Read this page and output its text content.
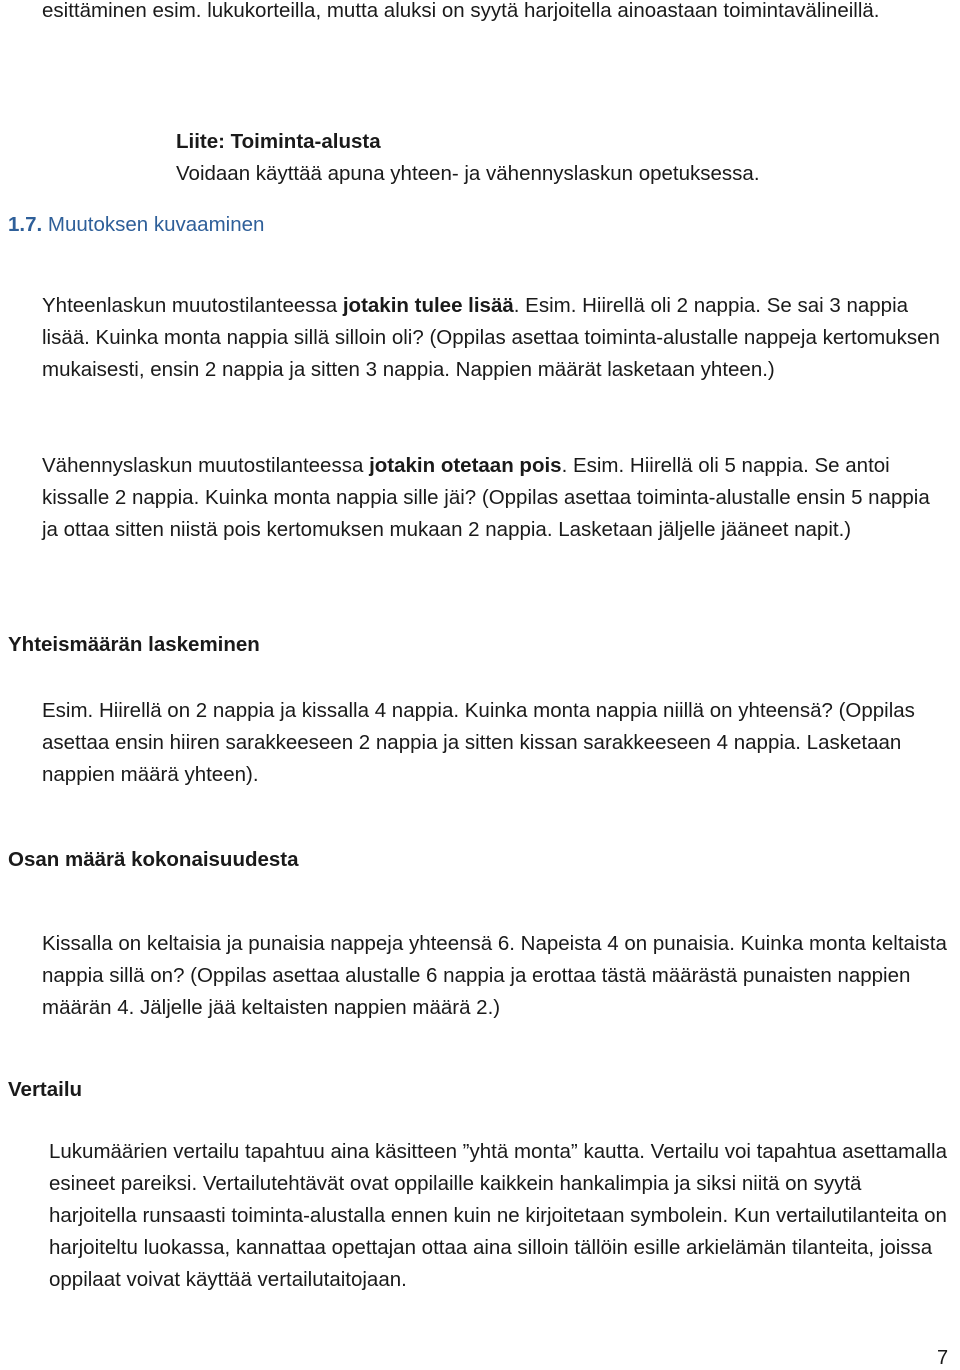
esittäminen esim. lukukorteilla, mutta aluksi on syytä harjoitella ainoastaan toimintavälineillä.

Liite: Toiminta-alusta
Voidaan käyttää apuna yhteen- ja vähennyslaskun opetuksessa.
1.7. Muutoksen kuvaaminen

Yhteenlaskun muutostilanteessa jotakin tulee lisää. Esim. Hiirellä oli 2 nappia. Se sai 3 nappia lisää. Kuinka monta nappia sillä silloin oli? (Oppilas asettaa toiminta-alustalle nappeja kertomuksen mukaisesti, ensin 2 nappia ja sitten 3 nappia. Nappien määrät lasketaan yhteen.)

Vähennyslaskun muutostilanteessa jotakin otetaan pois. Esim. Hiirellä oli 5 nappia. Se antoi kissalle 2 nappia. Kuinka monta nappia sille jäi? (Oppilas asettaa toiminta-alustalle ensin 5 nappia ja ottaa sitten niistä pois kertomuksen mukaan 2 nappia. Lasketaan jäljelle jääneet napit.)

Yhteismäärän laskeminen

Esim. Hiirellä on 2 nappia ja kissalla 4 nappia. Kuinka monta nappia niillä on yhteensä? (Oppilas asettaa ensin hiiren sarakkeeseen 2 nappia ja sitten kissan sarakkeeseen 4 nappia. Lasketaan nappien määrä yhteen).

Osan määrä kokonaisuudesta

Kissalla on keltaisia ja punaisia nappeja yhteensä 6. Napeista 4 on punaisia. Kuinka monta keltaista nappia sillä on? (Oppilas asettaa alustalle 6 nappia ja erottaa tästä määrästä punaisten nappien määrän 4. Jäljelle jää keltaisten nappien määrä 2.)

Vertailu

Lukumäärien vertailu tapahtuu aina käsitteen ”yhtä monta” kautta. Vertailu voi tapahtua asettamalla esineet pareiksi. Vertailutehtävät ovat oppilaille kaikkein hankalimpia ja siksi niitä on syytä harjoitella runsaasti toiminta-alustalla ennen kuin ne kirjoitetaan symbolein. Kun vertailutilanteita on harjoiteltu luokassa, kannattaa opettajan ottaa aina silloin tällöin esille arkielämän tilanteita, joissa oppilaat voivat käyttää vertailutaitojaan.

7
